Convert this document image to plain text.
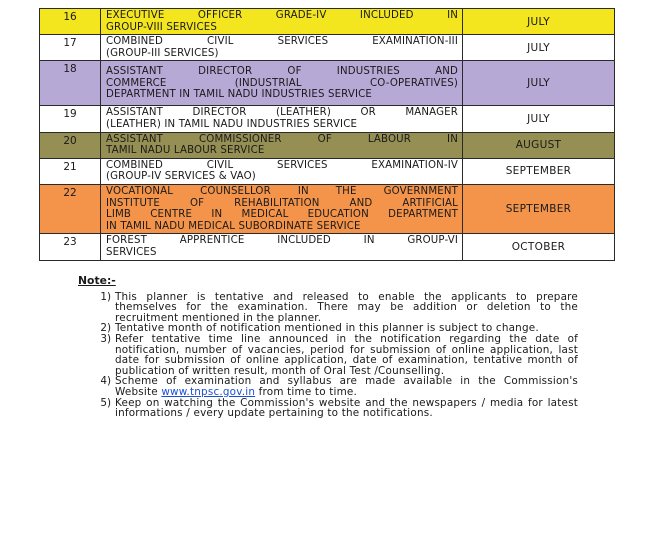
16	EXECUTIVE OFFICER GRADE-IV INCLUDED IN
GROUP-VIII SERVICES	JULY
17	COMBINED CIVIL SERVICES EXAMINATION-III
(GROUP-III SERVICES)	JULY
18	ASSISTANT DIRECTOR OF INDUSTRIES AND
COMMERCE (INDUSTRIAL CO-OPERATIVES)
DEPARTMENT IN TAMIL NADU INDUSTRIES SERVICE	JULY
19	ASSISTANT DIRECTOR (LEATHER) OR MANAGER
(LEATHER) IN TAMIL NADU INDUSTRIES SERVICE	JULY
20	ASSISTANT COMMISSIONER OF LABOUR IN
TAMIL NADU LABOUR SERVICE	AUGUST
21	COMBINED CIVIL SERVICES EXAMINATION-IV
(GROUP-IV SERVICES & VAO)	SEPTEMBER
22	VOCATIONAL COUNSELLOR IN THE GOVERNMENT
INSTITUTE OF REHABILITATION AND ARTIFICIAL
LIMB CENTRE IN MEDICAL EDUCATION DEPARTMENT
IN TAMIL NADU MEDICAL SUBORDINATE SERVICE	SEPTEMBER
23	FOREST APPRENTICE INCLUDED IN GROUP-VI
SERVICES	OCTOBER
Note:-
1) This planner is tentative and released to enable the applicants to prepare themselves for the examination. There may be addition or deletion to the recruitment mentioned in the planner.
2) Tentative month of notification mentioned in this planner is subject to change.
3) Refer tentative time line announced in the notification regarding the date of notification, number of vacancies, period for submission of online application, last date for submission of online application, date of examination, tentative month of publication of written result, month of Oral Test /Counselling.
4) Scheme of examination and syllabus are made available in the Commission's Website www.tnpsc.gov.in from time to time.
5) Keep on watching the Commission's website and the newspapers / media for latest informations / every update pertaining to the notifications.
